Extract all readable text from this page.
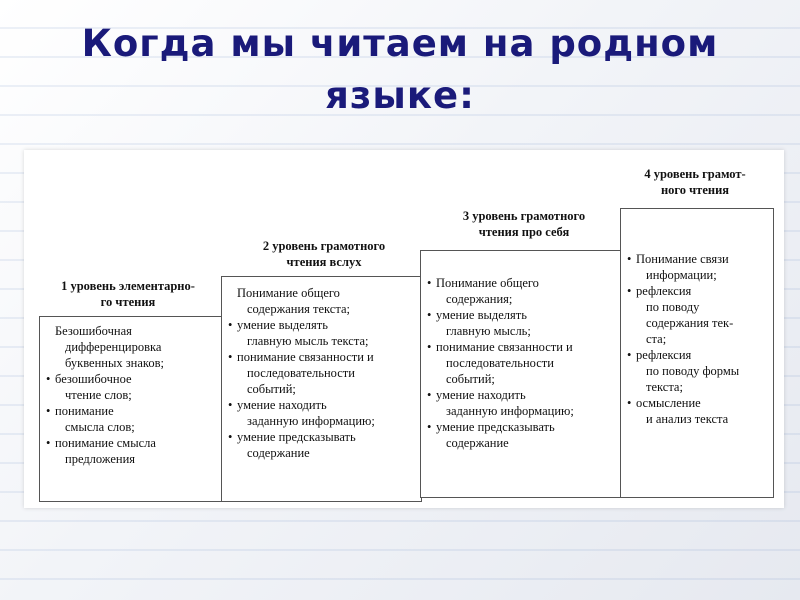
Когда мы читаем на родном языке:
1 уровень элементарно-
го чтения
Безошибочная
дифференцировка
буквенных знаков;
• безошибочное
чтение слов;
• понимание
смысла слов;
• понимание смысла
предложения
2 уровень грамотного
чтения вслух
Понимание общего
содержания текста;
• умение выделять
главную мысль текста;
• понимание связанности и
последовательности
событий;
• умение находить
заданную информацию;
• умение предсказывать
содержание
3 уровень грамотного
чтения про себя
• Понимание общего
содержания;
• умение выделять
главную мысль;
• понимание связанности и
последовательности
событий;
• умение находить
заданную информацию;
• умение предсказывать
содержание
4 уровень грамот-
ного чтения
• Понимание связи
информации;
• рефлексия
по поводу
содержания тек-
ста;
• рефлексия
по поводу формы
текста;
• осмысление
и анализ текста
